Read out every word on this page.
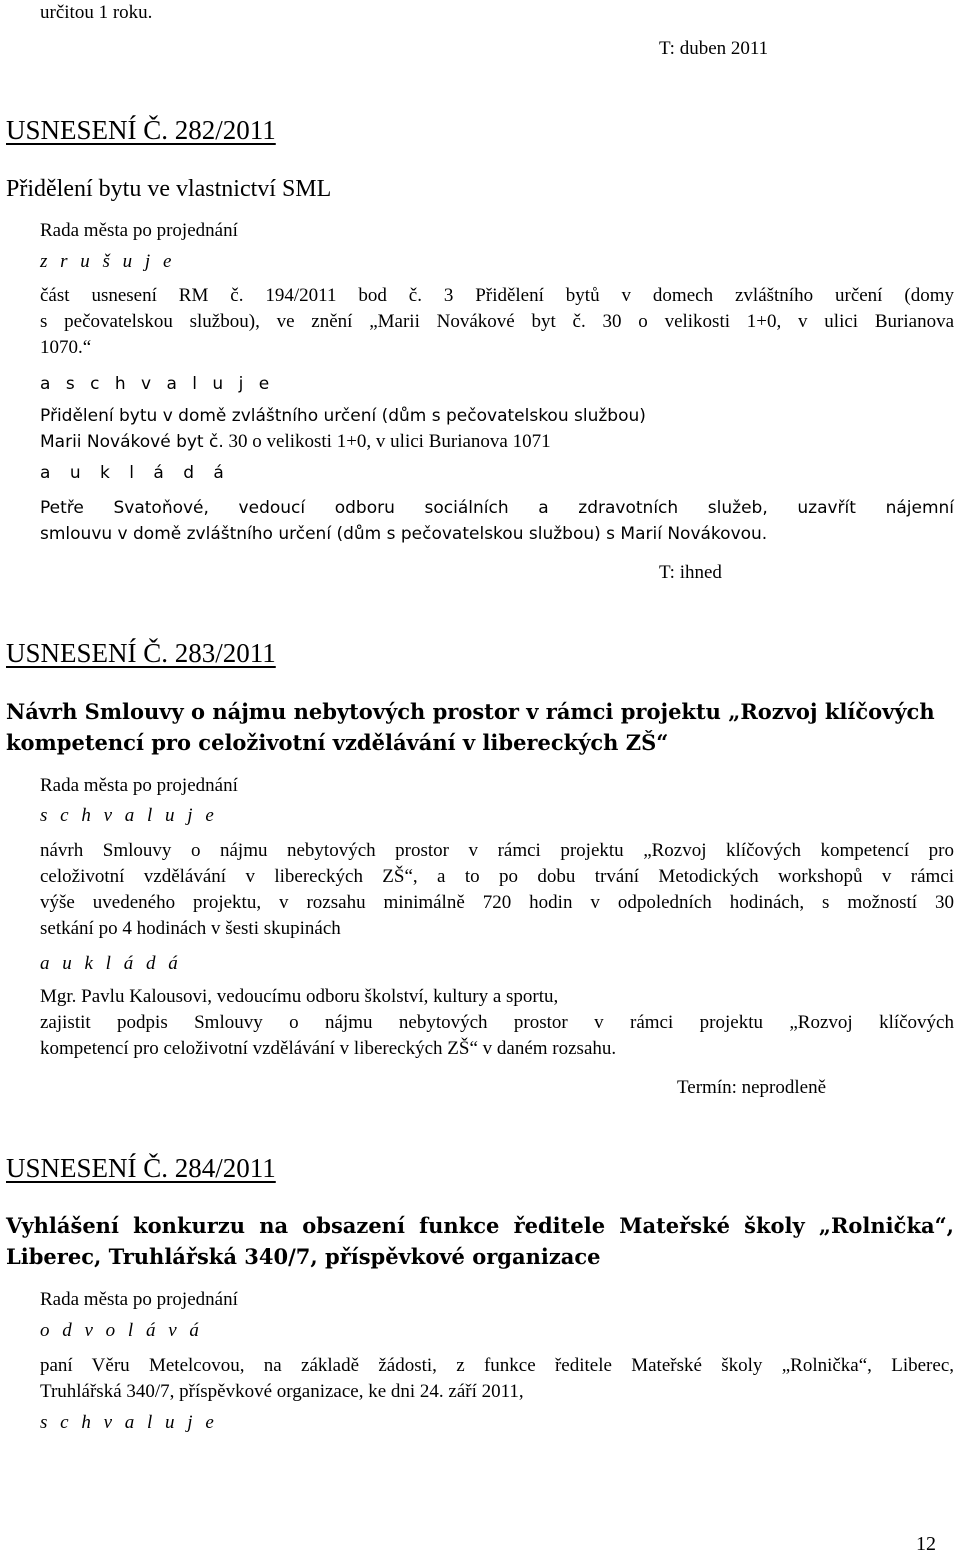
určitou 1 roku.

T: duben 2011

USNESENÍ Č. 282/2011

Přidělení bytu ve vlastnictví SML

Rada města po projednání

z r u š u j e

část usnesení RM č. 194/2011 bod č. 3 Přidělení bytů v domech zvláštního určení (domy

s pečovatelskou službou), ve znění „Marii Novákové byt č. 30 o velikosti 1+0, v ulici Burianova

1070.“

a s c h v a l u j e

Přidělení bytu v domě zvláštního určení (dům s pečovatelskou službou)

Marii Novákové byt č. 30 o velikosti 1+0, v ulici Burianova 1071

a u k l á d á

Petře Svatoňové, vedoucí odboru sociálních a zdravotních služeb, uzavřít nájemní

smlouvu v domě zvláštního určení (dům s pečovatelskou službou) s Marií Novákovou.

T: ihned

USNESENÍ Č. 283/2011

Návrh Smlouvy o nájmu nebytových prostor v rámci projektu „Rozvoj klíčových

kompetencí pro celoživotní vzdělávání v libereckých ZŠ“

Rada města po projednání

s c h v a l u j e

návrh Smlouvy o nájmu nebytových prostor v rámci projektu „Rozvoj klíčových kompetencí pro

celoživotní vzdělávání v libereckých ZŠ“, a to po dobu trvání Metodických workshopů v rámci

výše uvedeného projektu, v rozsahu minimálně 720 hodin v odpoledních hodinách, s možností 30

setkání po 4 hodinách v šesti skupinách

a u k l á d á

Mgr. Pavlu Kalousovi, vedoucímu odboru školství, kultury a sportu,

zajistit podpis Smlouvy o nájmu nebytových prostor v rámci projektu „Rozvoj klíčových

kompetencí pro celoživotní vzdělávání v libereckých ZŠ“ v daném rozsahu.

Termín: neprodleně

USNESENÍ Č. 284/2011

Vyhlášení konkurzu na obsazení funkce ředitele Mateřské školy „Rolnička“,

Liberec, Truhlářská 340/7, příspěvkové organizace

Rada města po projednání

o d v o l á v á

paní Věru Metelcovou, na základě žádosti, z funkce ředitele Mateřské školy „Rolnička“, Liberec,

Truhlářská 340/7, příspěvkové organizace, ke dni 24. září 2011,

s c h v a l u j e

12
